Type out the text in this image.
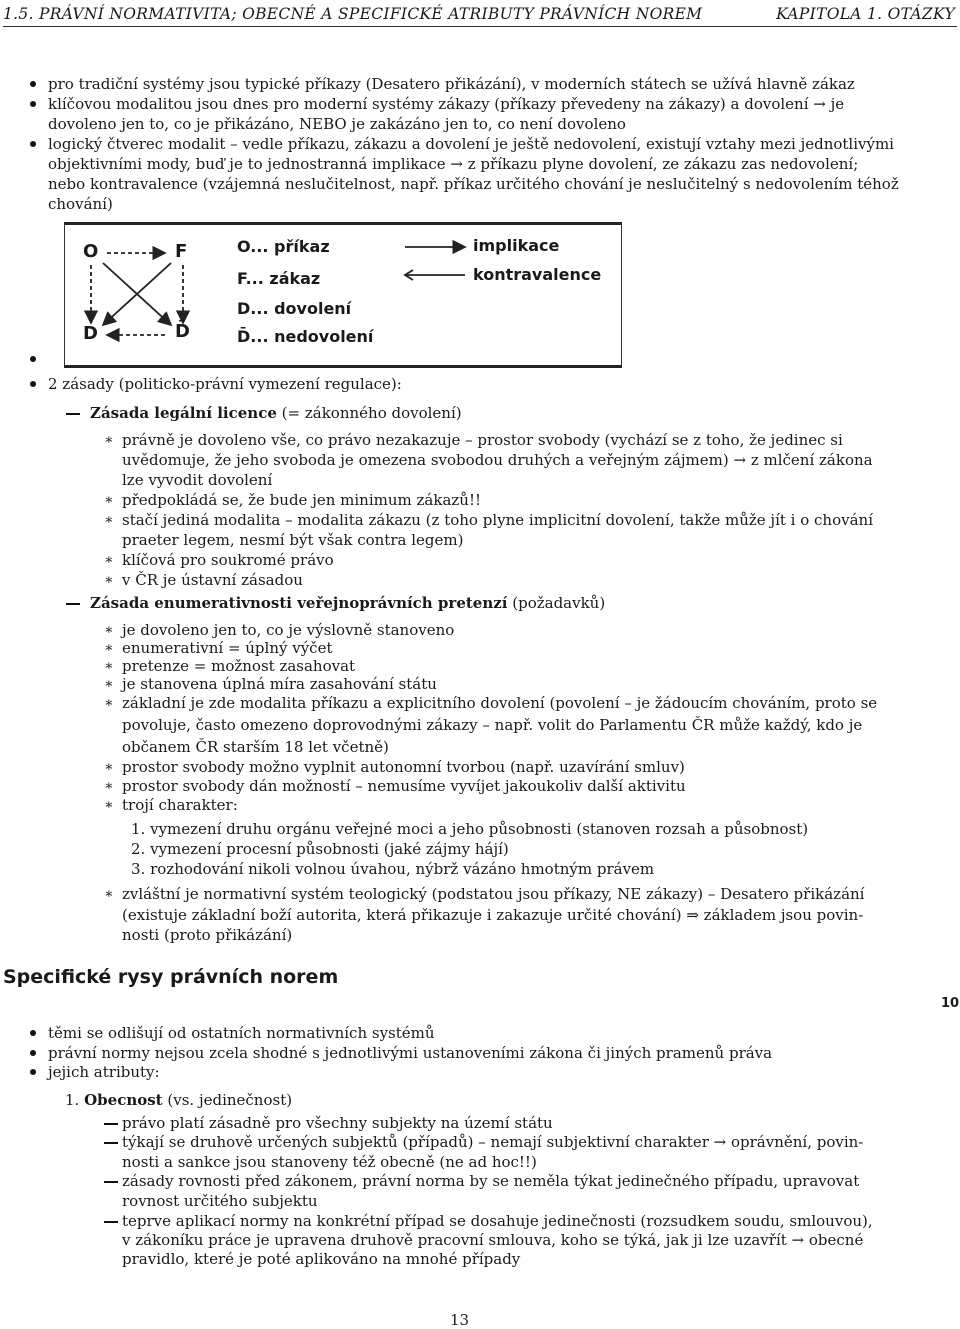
1.5. PRÁVNÍ NORMATIVITA; OBECNÉ A SPECIFICKÉ ATRIBUTY PRÁVNÍCH NOREM	KAPITOLA 1. OTÁZKY
pro tradiční systémy jsou typické příkazy (Desatero přikázání), v moderních státech se užívá hlavně zákaz
klíčovou modalitou jsou dnes pro moderní systémy zákazy (příkazy převedeny na zákazy) a dovolení → je
dovoleno jen to, co je přikázáno, NEBO je zakázáno jen to, co není dovoleno
logický čtverec modalit – vedle příkazu, zákazu a dovolení je ještě nedovolení, existují vztahy mezi jednotlivými
objektivními mody, buď je to jednostranná implikace → z příkazu plyne dovolení, ze zákazu zas nedovolení;
nebo kontravalence (vzájemná neslučitelnost, např. příkaz určitého chování je neslučitelný s nedovolením téhož
chování)
O	F
D	D̄
O... příkaz
F... zákaz
D... dovolení
D̄... nedovolení
implikace
kontravalence
2 zásady (politicko-právní vymezení regulace):
Zásada legální licence (= zákonného dovolení)
∗ právně je dovoleno vše, co právo nezakazuje – prostor svobody (vychází se z toho, že jedinec si
uvědomuje, že jeho svoboda je omezena svobodou druhých a veřejným zájmem) → z mlčení zákona
lze vyvodit dovolení
∗ předpokládá se, že bude jen minimum zákazů!!
∗ stačí jediná modalita – modalita zákazu (z toho plyne implicitní dovolení, takže může jít i o chování
praeter legem, nesmí být však contra legem)
∗ klíčová pro soukromé právo
∗ v ČR je ústavní zásadou
Zásada enumerativnosti veřejnoprávních pretenzí (požadavků)
∗ je dovoleno jen to, co je výslovně stanoveno
∗ enumerativní = úplný výčet
∗ pretenze = možnost zasahovat
∗ je stanovena úplná míra zasahování státu
∗ základní je zde modalita příkazu a explicitního dovolení (povolení – je žádoucím chováním, proto se
povoluje, často omezeno doprovodnými zákazy – např. volit do Parlamentu ČR může každý, kdo je
občanem ČR starším 18 let včetně)
∗ prostor svobody možno vyplnit autonomní tvorbou (např. uzavírání smluv)
∗ prostor svobody dán možností – nemusíme vyvíjet jakoukoliv další aktivitu
∗ trojí charakter:
1. vymezení druhu orgánu veřejné moci a jeho působnosti (stanoven rozsah a působnost)
2. vymezení procesní působnosti (jaké zájmy hájí)
3. rozhodování nikoli volnou úvahou, nýbrž vázáno hmotným právem
∗ zvláštní je normativní systém teologický (podstatou jsou příkazy, NE zákazy) – Desatero přikázání
(existuje základní boží autorita, která přikazuje i zakazuje určité chování) ⇒ základem jsou povin-
nosti (proto přikázání)
Specifické rysy právních norem
10
těmi se odlišují od ostatních normativních systémů
právní normy nejsou zcela shodné s jednotlivými ustanoveními zákona či jiných pramenů práva
jejich atributy:
1. Obecnost (vs. jedinečnost)
právo platí zásadně pro všechny subjekty na území státu
týkají se druhově určených subjektů (případů) – nemají subjektivní charakter → oprávnění, povin-
nosti a sankce jsou stanoveny též obecně (ne ad hoc!!)
zásady rovnosti před zákonem, právní norma by se neměla týkat jedinečného případu, upravovat
rovnost určitého subjektu
teprve aplikací normy na konkrétní případ se dosahuje jedinečnosti (rozsudkem soudu, smlouvou),
v zákoníku práce je upravena druhově pracovní smlouva, koho se týká, jak ji lze uzavřít → obecné
pravidlo, které je poté aplikováno na mnohé případy
13
